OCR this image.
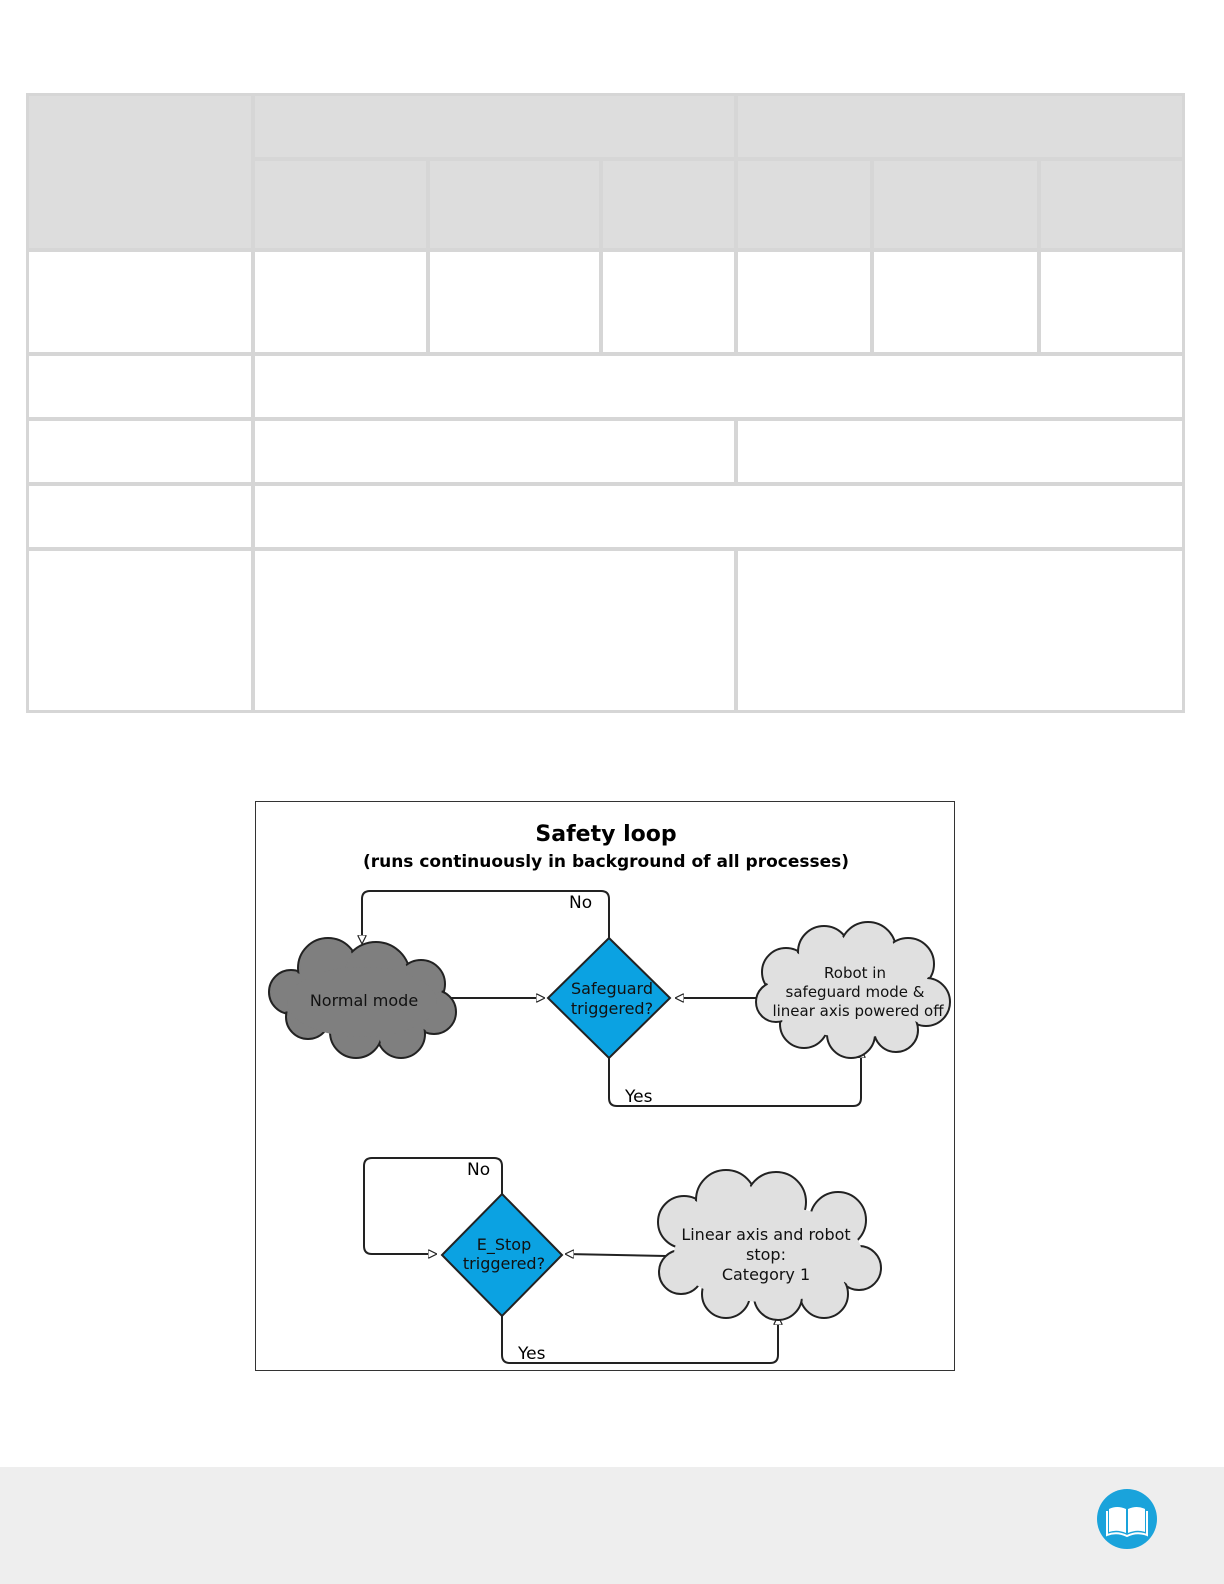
Safety loop
(runs continuously in background of all processes)
No
Yes
Normal mode
Safeguard
triggered?
Robot in
safeguard mode &
linear axis powered off
No
Yes
E_Stop
triggered?
Linear axis and robot
stop:
Category 1
